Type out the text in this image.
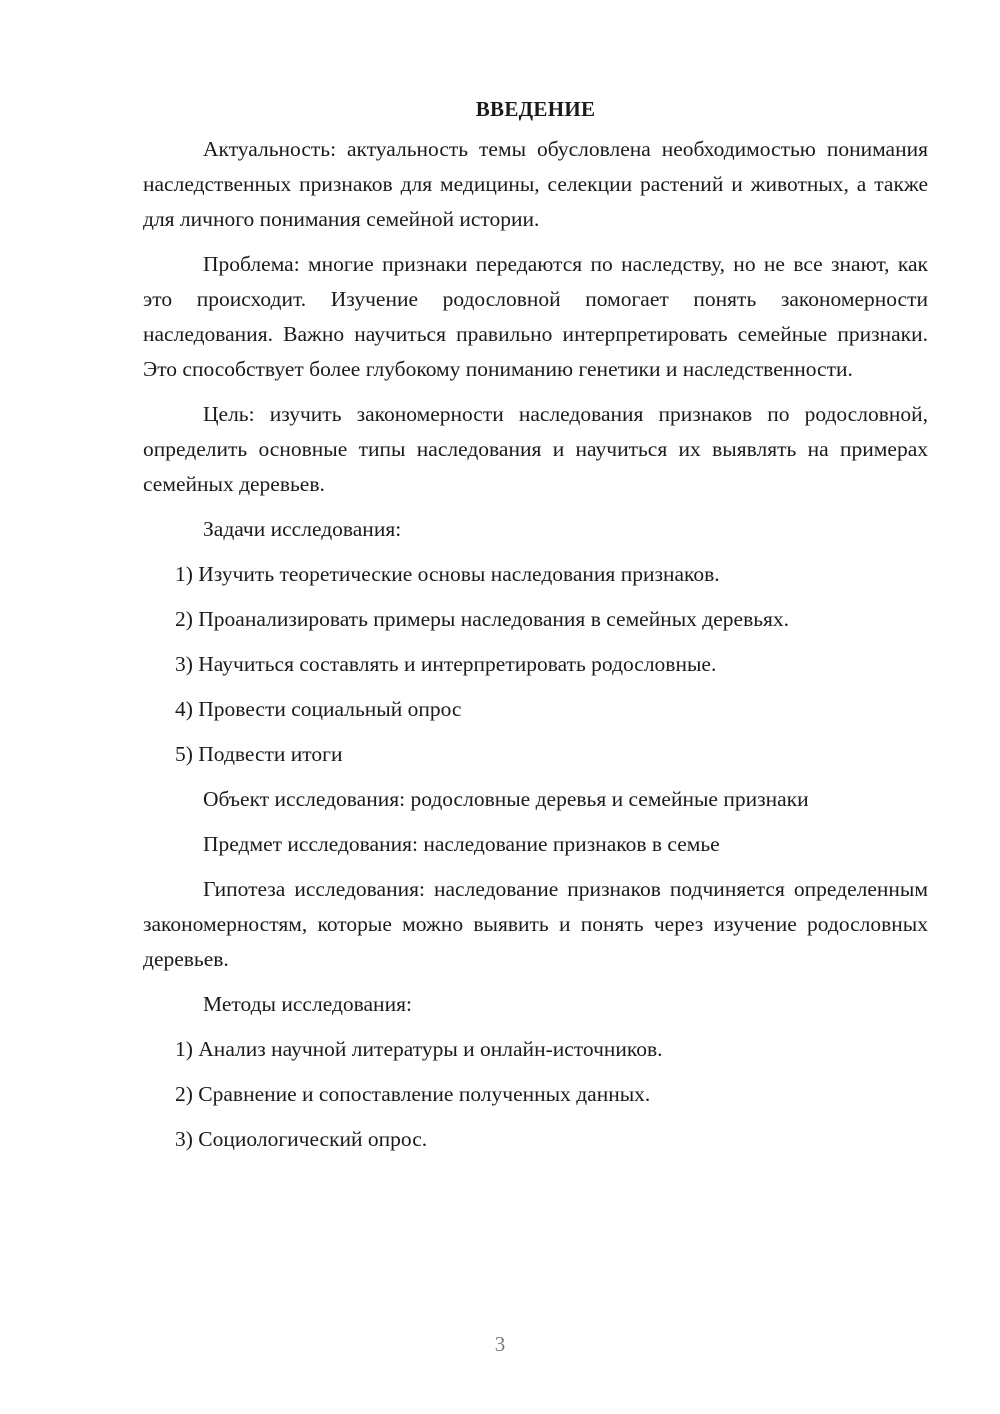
ВВЕДЕНИЕ

Актуальность: актуальность темы обусловлена необходимостью понимания наследственных признаков для медицины, селекции растений и животных, а также для личного понимания семейной истории.

Проблема: многие признаки передаются по наследству, но не все знают, как это происходит. Изучение родословной помогает понять закономерности наследования. Важно научиться правильно интерпретировать семейные признаки. Это способствует более глубокому пониманию генетики и наследственности.

Цель: изучить закономерности наследования признаков по родословной, определить основные типы наследования и научиться их выявлять на примерах семейных деревьев.

Задачи исследования:
1) Изучить теоретические основы наследования признаков.
2) Проанализировать примеры наследования в семейных деревьях.
3) Научиться составлять и интерпретировать родословные.
4) Провести социальный опрос
5) Подвести итоги
Объект исследования: родословные деревья и семейные признаки
Предмет исследования: наследование признаков в семье

Гипотеза исследования: наследование признаков подчиняется определенным закономерностям, которые можно выявить и понять через изучение родословных деревьев.

Методы исследования:
1) Анализ научной литературы и онлайн-источников.
2) Сравнение и сопоставление полученных данных.
3) Социологический опрос.
3
